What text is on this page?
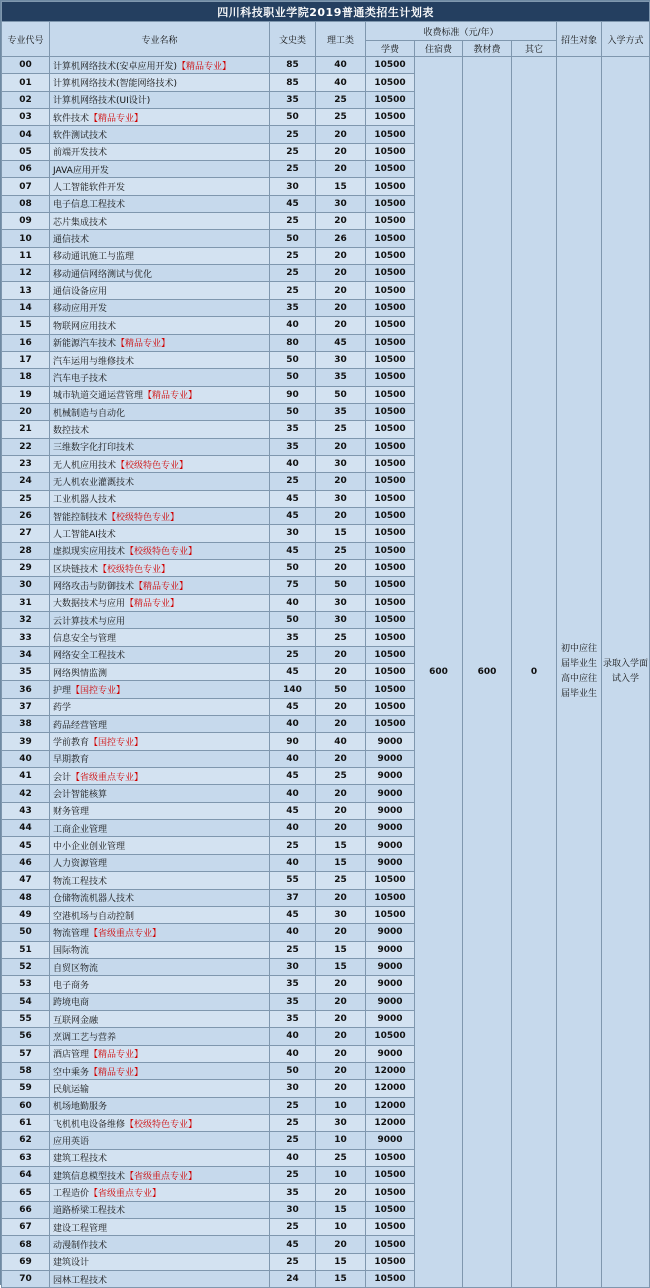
四川科技职业学院2019普通类招生计划表									
专业代号	专业名称	文史类	理工类	收费标准（元/年）				招生对象	入学方式
				学费	住宿费	教材费	其它		
00	计算机网络技术(安卓应用开发)【精品专业】	85	40	10500	600	600	0	初中应往届毕业生高中应往届毕业生	录取入学面试入学
01	计算机网络技术(智能网络技术)	85	40	10500					
02	计算机网络技术(UI设计)	35	25	10500					
03	软件技术【精品专业】	50	25	10500					
04	软件测试技术	25	20	10500					
05	前端开发技术	25	20	10500					
06	JAVA应用开发	25	20	10500					
07	人工智能软件开发	30	15	10500					
08	电子信息工程技术	45	30	10500					
09	芯片集成技术	25	20	10500					
10	通信技术	50	26	10500					
11	移动通讯施工与监理	25	20	10500					
12	移动通信网络测试与优化	25	20	10500					
13	通信设备应用	25	20	10500					
14	移动应用开发	35	20	10500					
15	物联网应用技术	40	20	10500					
16	新能源汽车技术【精品专业】	80	45	10500					
17	汽车运用与维修技术	50	30	10500					
18	汽车电子技术	50	35	10500					
19	城市轨道交通运营管理【精品专业】	90	50	10500					
20	机械制造与自动化	50	35	10500					
21	数控技术	35	25	10500					
22	三维数字化打印技术	35	20	10500					
23	无人机应用技术【校级特色专业】	40	30	10500					
24	无人机农业灌溉技术	25	20	10500					
25	工业机器人技术	45	30	10500					
26	智能控制技术【校级特色专业】	45	20	10500					
27	人工智能AI技术	30	15	10500					
28	虚拟现实应用技术【校级特色专业】	45	25	10500					
29	区块链技术【校级特色专业】	50	20	10500					
30	网络攻击与防御技术【精品专业】	75	50	10500					
31	大数据技术与应用【精品专业】	40	30	10500					
32	云计算技术与应用	50	30	10500					
33	信息安全与管理	35	25	10500					
34	网络安全工程技术	25	20	10500					
35	网络舆情监测	45	20	10500					
36	护理【国控专业】	140	50	10500					
37	药学	45	20	10500					
38	药品经营管理	40	20	10500					
39	学前教育【国控专业】	90	40	9000					
40	早期教育	40	20	9000					
41	会计【省级重点专业】	45	25	9000					
42	会计智能核算	40	20	9000					
43	财务管理	45	20	9000					
44	工商企业管理	40	20	9000					
45	中小企业创业管理	25	15	9000					
46	人力资源管理	40	15	9000					
47	物流工程技术	55	25	10500					
48	仓储物流机器人技术	37	20	10500					
49	空港机场与自动控制	45	30	10500					
50	物流管理【省级重点专业】	40	20	9000					
51	国际物流	25	15	9000					
52	自贸区物流	30	15	9000					
53	电子商务	35	20	9000					
54	跨境电商	35	20	9000					
55	互联网金融	35	20	9000					
56	烹调工艺与营养	40	20	10500					
57	酒店管理【精品专业】	40	20	9000					
58	空中乘务【精品专业】	50	20	12000					
59	民航运输	30	20	12000					
60	机场地勤服务	25	10	12000					
61	飞机机电设备维修【校级特色专业】	25	30	12000					
62	应用英语	25	10	9000					
63	建筑工程技术	40	25	10500					
64	建筑信息模型技术【省级重点专业】	25	10	10500					
65	工程造价【省级重点专业】	35	20	10500					
66	道路桥梁工程技术	30	15	10500					
67	建设工程管理	25	10	10500					
68	动漫制作技术	45	20	10500					
69	建筑设计	25	15	10500					
70	园林工程技术	24	15	10500					
